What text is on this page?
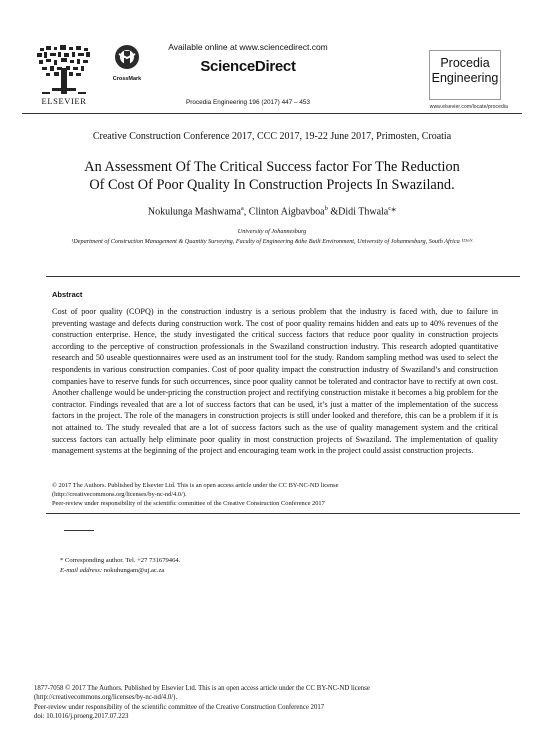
ELSEVIER
CrossMark
Available online at www.sciencedirect.com
ScienceDirect
Procedia Engineering 196 (2017) 447 – 453
Procedia
Engineering
www.elsevier.com/locate/procedia
Creative Construction Conference 2017, CCC 2017, 19-22 June 2017, Primosten, Croatia
An Assessment Of The Critical Success factor For The Reduction
Of Cost Of Poor Quality In Construction Projects In Swaziland.
Nokulunga Mashwama$^a$, Clinton Aigbavboa$^b$ &Didi Thwala$^c$*
University of Johannesburg
¹Department of Construction Management & Quantity Surveying, Faculty of Engineering &the Built Environment, University of Johannesburg, South Africa ¹²³ᵃᵇᶜ
Abstract
Cost of poor quality (COPQ) in the construction industry is a serious problem that the industry is faced with, due to failure in preventing wastage and defects during construction work. The cost of poor quality remains hidden and eats up to 40% revenues of the construction enterprise. Hence, the study investigated the critical success factors that reduce poor quality in construction projects according to the perceptive of construction professionals in the Swaziland construction industry. This research adopted quantitative research and 50 useable questionnaires were used as an instrument tool for the study. Random sampling method was used to select the respondents in various construction companies. Cost of poor quality impact the construction industry of Swaziland’s and construction companies have to reserve funds for such occurrences, since poor quality cannot be tolerated and contractor have to rectify at own cost. Another challenge would be under-pricing the construction project and rectifying construction mistake it becomes a big problem for the contractor. Findings revealed that are a lot of success factors that can be used, it’s just a matter of the implementation of the success factors in the project. The role of the managers in construction projects is still under looked and therefore, this can be a problem if it is not attained to. The study revealed that are a lot of success factors such as the use of quality management system and the critical success factors can actually help eliminate poor quality in most construction projects of Swaziland. The implementation of quality management systems at the beginning of the project and encouraging team work in the project could assist construction projects.
© 2017 The Authors. Published by Elsevier Ltd. This is an open access article under the CC BY-NC-ND license
(http://creativecommons.org/licenses/by-nc-nd/4.0/).
Peer-review under responsibility of the scientific committee of the Creative Construction Conference 2017
* Corresponding author. Tel. +27 731679464.
E-mail address: nokuhungam@uj.ac.za
1877-7058 © 2017 The Authors. Published by Elsevier Ltd. This is an open access article under the CC BY-NC-ND license
(http://creativecommons.org/licenses/by-nc-nd/4.0/).
Peer-review under responsibility of the scientific committee of the Creative Construction Conference 2017
doi: 10.1016/j.proeng.2017.07.223
